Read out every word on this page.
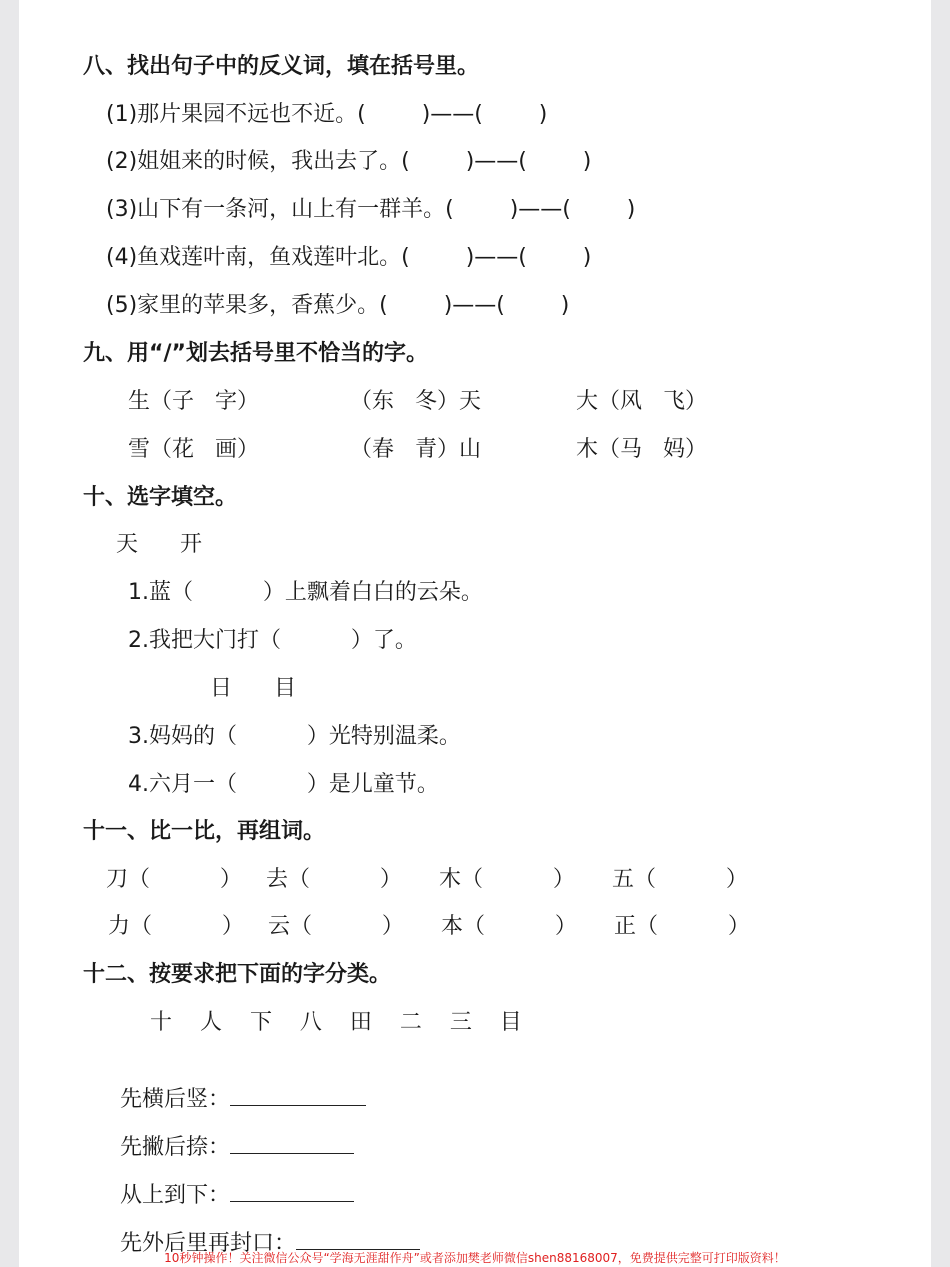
八、找出句子中的反义词，填在括号里。
(1)那片果园不远也不近。(        )——(        )
(2)姐姐来的时候，我出去了。(        )——(        )
(3)山下有一条河，山上有一群羊。(        )——(        )
(4)鱼戏莲叶南，鱼戏莲叶北。(        )——(        )
(5)家里的苹果多，香蕉少。(        )——(        )
九、用“/”划去括号里不恰当的字。
生（子   字）	（东   冬）天	大（风   飞）
雪（花   画）	（春   青）山	木（马   妈）
十、选字填空。
天      开
1.蓝（          ）上飘着白白的云朵。
2.我把大门打（          ）了。
日      目
3.妈妈的（          ）光特别温柔。
4.六月一（          ）是儿童节。
十一、比一比，再组词。
刀（          ） 去（          ） 木（          ） 五（          ）
力（          ） 云（          ） 本（          ） 正（          ）
十二、按要求把下面的字分类。
十    人    下    八    田    二    三    目

先横后竖：

先撇后捺：

从上到下：

先外后里再封口：

10秒钟操作！关注微信公众号“学海无涯甜作舟”或者添加樊老师微信shen88168007，免费提供完整可打印版资料！
